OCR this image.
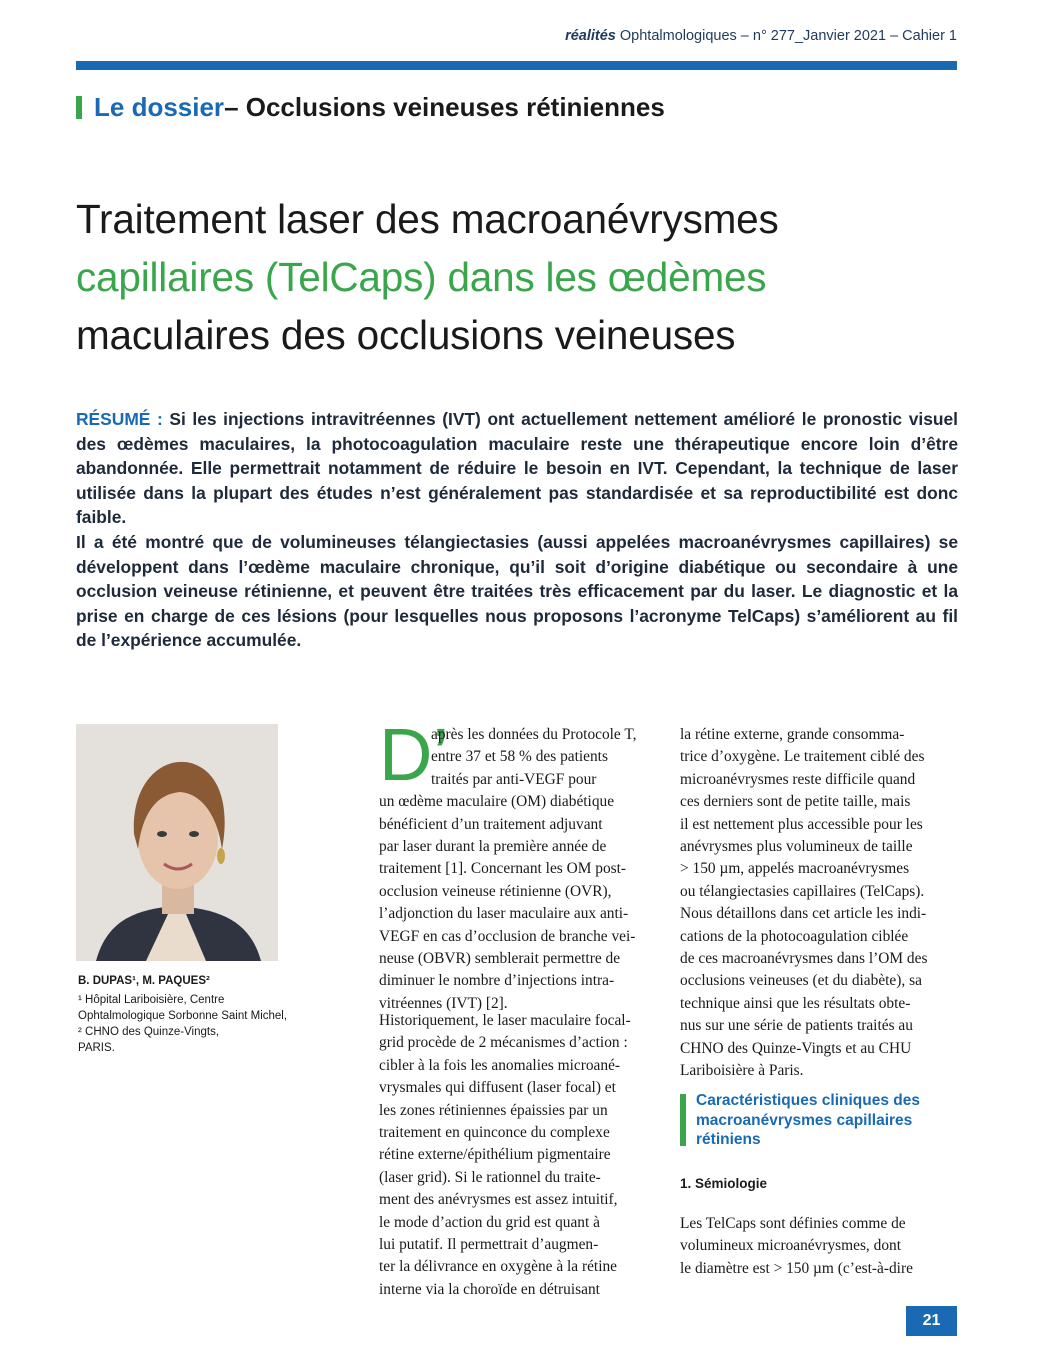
réalités Ophtalmologiques – n° 277_Janvier 2021 – Cahier 1
Le dossier – Occlusions veineuses rétiniennes
Traitement laser des macroanévrysmes
capillaires (TelCaps) dans les œdèmes
maculaires des occlusions veineuses

RÉSUMÉ : Si les injections intravitréennes (IVT) ont actuellement nettement amélioré le pronostic visuel des œdèmes maculaires, la photocoagulation maculaire reste une thérapeutique encore loin d’être abandonnée. Elle permettrait notamment de réduire le besoin en IVT. Cependant, la technique de laser utilisée dans la plupart des études n’est généralement pas standardisée et sa reproductibilité est donc faible.

Il a été montré que de volumineuses télangiectasies (aussi appelées macroanévrysmes capillaires) se développent dans l’œdème maculaire chronique, qu’il soit d’origine diabétique ou secondaire à une occlusion veineuse rétinienne, et peuvent être traitées très efficacement par du laser. Le diagnostic et la prise en charge de ces lésions (pour lesquelles nous proposons l’acronyme TelCaps) s’améliorent au fil de l’expérience accumulée.

B. DUPAS¹, M. PAQUES²
¹ Hôpital Lariboisière, Centre
Ophtalmologique Sorbonne Saint Michel,
² CHNO des Quinze-Vingts,
PARIS.
D’
après les données du Protocole T,
entre 37 et 58 % des patients
traités par anti-VEGF pour
un œdème maculaire (OM) diabétique
bénéficient d’un traitement adjuvant
par laser durant la première année de
traitement [1]. Concernant les OM post-
occlusion veineuse rétinienne (OVR),
l’adjonction du laser maculaire aux anti-
VEGF en cas d’occlusion de branche vei-
neuse (OBVR) semblerait permettre de
diminuer le nombre d’injections intra-
vitréennes (IVT) [2].
Historiquement, le laser maculaire focal-
grid procède de 2 mécanismes d’action :
cibler à la fois les anomalies microané-
vrysmales qui diffusent (laser focal) et
les zones rétiniennes épaissies par un
traitement en quinconce du complexe
rétine externe/épithélium pigmentaire
(laser grid). Si le rationnel du traite-
ment des anévrysmes est assez intuitif,
le mode d’action du grid est quant à
lui putatif. Il permettrait d’augmen-
ter la délivrance en oxygène à la rétine
interne via la choroïde en détruisant
la rétine externe, grande consomma-
trice d’oxygène. Le traitement ciblé des
microanévrysmes reste difficile quand
ces derniers sont de petite taille, mais
il est nettement plus accessible pour les
anévrysmes plus volumineux de taille
> 150 µm, appelés macroanévrysmes
ou télangiectasies capillaires (TelCaps).
Nous détaillons dans cet article les indi-
cations de la photocoagulation ciblée
de ces macroanévrysmes dans l’OM des
occlusions veineuses (et du diabète), sa
technique ainsi que les résultats obte-
nus sur une série de patients traités au
CHNO des Quinze-Vingts et au CHU
Lariboisière à Paris.
Caractéristiques cliniques des macroanévrysmes capillaires rétiniens
1. Sémiologie
Les TelCaps sont définies comme de
volumineux microanévrysmes, dont
le diamètre est > 150 µm (c’est-à-dire
21
